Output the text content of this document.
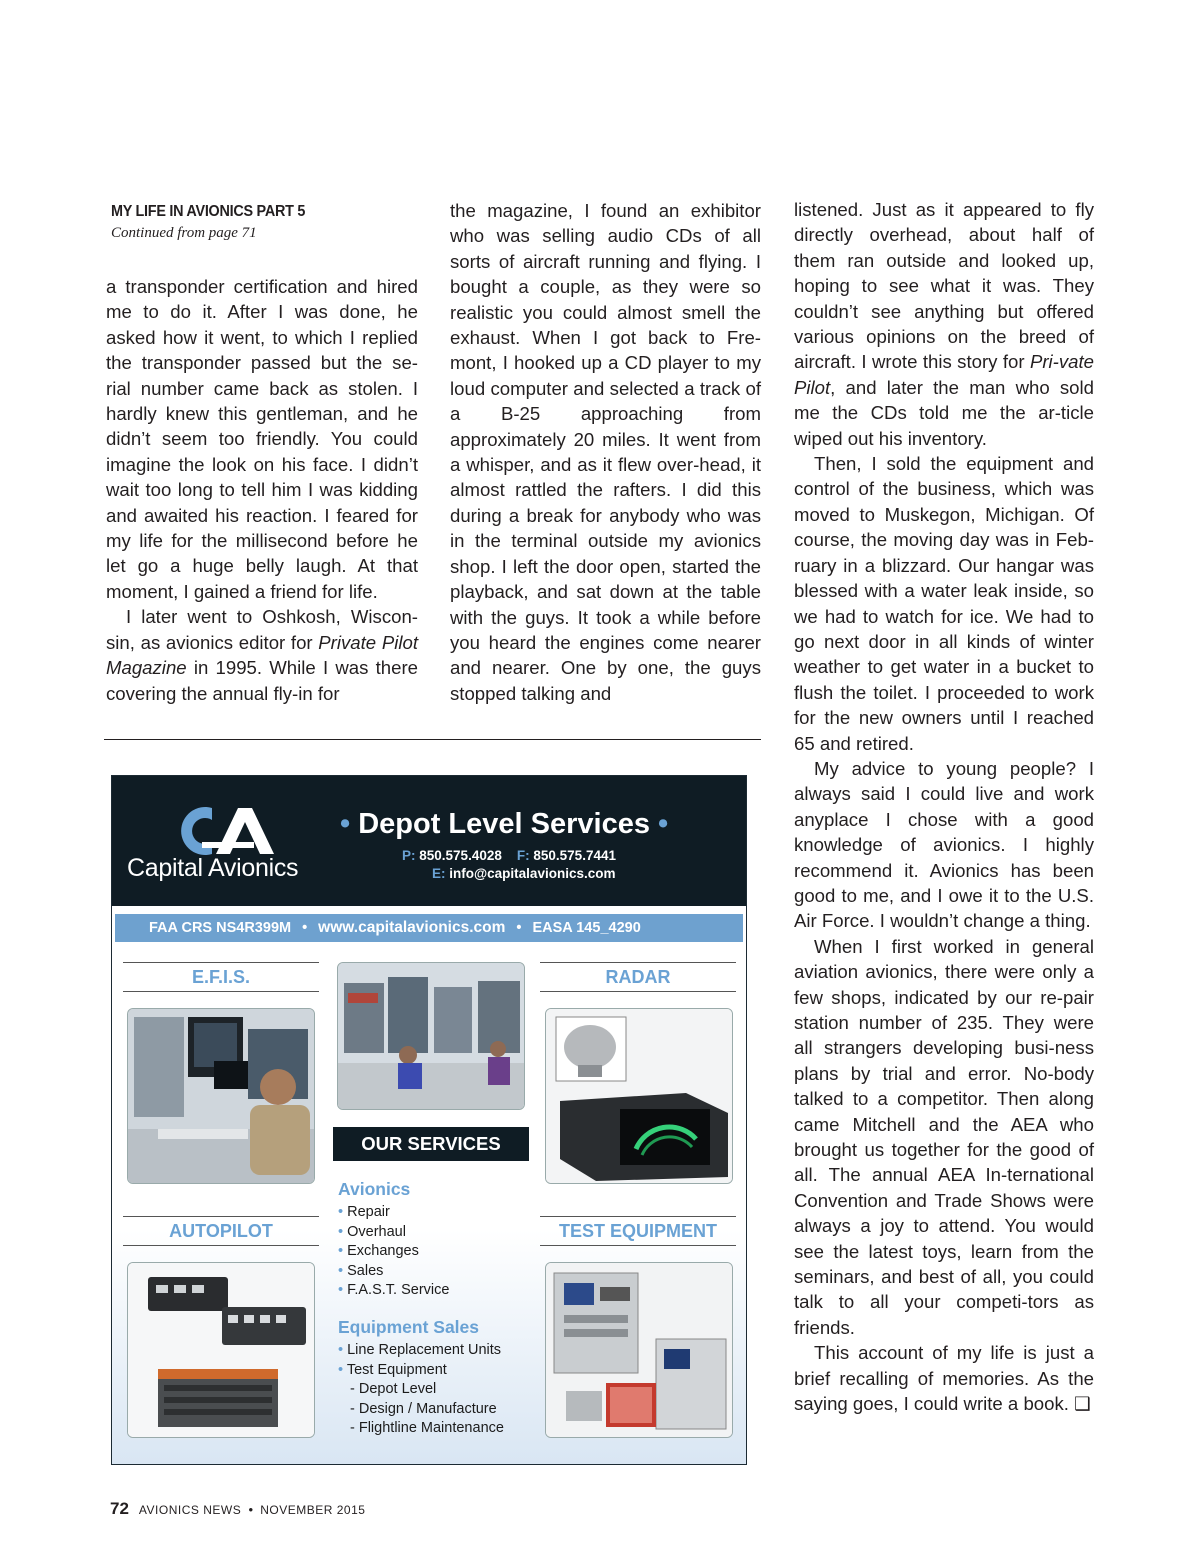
MY LIFE IN AVIONICS PART 5
Continued from page 71

a transponder certification and hired me to do it. After I was done, he asked how it went, to which I replied the transponder passed but the se-rial number came back as stolen. I hardly knew this gentleman, and he didn’t seem too friendly. You could imagine the look on his face. I didn’t wait too long to tell him I was kidding and awaited his reaction. I feared for my life for the millisecond before he let go a huge belly laugh. At that moment, I gained a friend for life.

I later went to Oshkosh, Wiscon-sin, as avionics editor for Private Pilot Magazine in 1995. While I was there covering the annual fly-in for

the magazine, I found an exhibitor who was selling audio CDs of all sorts of aircraft running and flying. I bought a couple, as they were so realistic you could almost smell the exhaust. When I got back to Fre-mont, I hooked up a CD player to my loud computer and selected a track of a B-25 approaching from approximately 20 miles. It went from a whisper, and as it flew over-head, it almost rattled the rafters. I did this during a break for anybody who was in the terminal outside my avionics shop. I left the door open, started the playback, and sat down at the table with the guys. It took a while before you heard the engines come nearer and nearer. One by one, the guys stopped talking and

listened. Just as it appeared to fly directly overhead, about half of them ran outside and looked up, hoping to see what it was. They couldn’t see anything but offered various opinions on the breed of aircraft. I wrote this story for Pri-vate Pilot, and later the man who sold me the CDs told me the ar-ticle wiped out his inventory.

Then, I sold the equipment and control of the business, which was moved to Muskegon, Michigan. Of course, the moving day was in Feb-ruary in a blizzard. Our hangar was blessed with a water leak inside, so we had to watch for ice. We had to go next door in all kinds of winter weather to get water in a bucket to flush the toilet. I proceeded to work for the new owners until I reached 65 and retired.

My advice to young people? I always said I could live and work anyplace I chose with a good knowledge of avionics. I highly recommend it. Avionics has been good to me, and I owe it to the U.S. Air Force. I wouldn’t change a thing.

When I first worked in general aviation avionics, there were only a few shops, indicated by our re-pair station number of 235. They were all strangers developing busi-ness plans by trial and error. No-body talked to a competitor. Then along came Mitchell and the AEA who brought us together for the good of all. The annual AEA In-ternational Convention and Trade Shows were always a joy to attend. You would see the latest toys, learn from the seminars, and best of all, you could talk to all your competi-tors as friends.

This account of my life is just a brief recalling of memories. As the saying goes, I could write a book. ❑

Capital Avionics
• Depot Level Services •
P: 850.575.4028 F: 850.575.7441
E: info@capitalavionics.com
FAA CRS NS4R399M • www.capitalavionics.com • EASA 145_4290
E.F.I.S.	RADAR
OUR SERVICES
Avionics
• Repair
• Overhaul
• Exchanges
• Sales
• F.A.S.T. Service
Equipment Sales
• Line Replacement Units
• Test Equipment
- Depot Level
- Design / Manufacture
- Flightline Maintenance
AUTOPILOT	TEST EQUIPMENT
72 AVIONICS NEWS • NOVEMBER 2015
